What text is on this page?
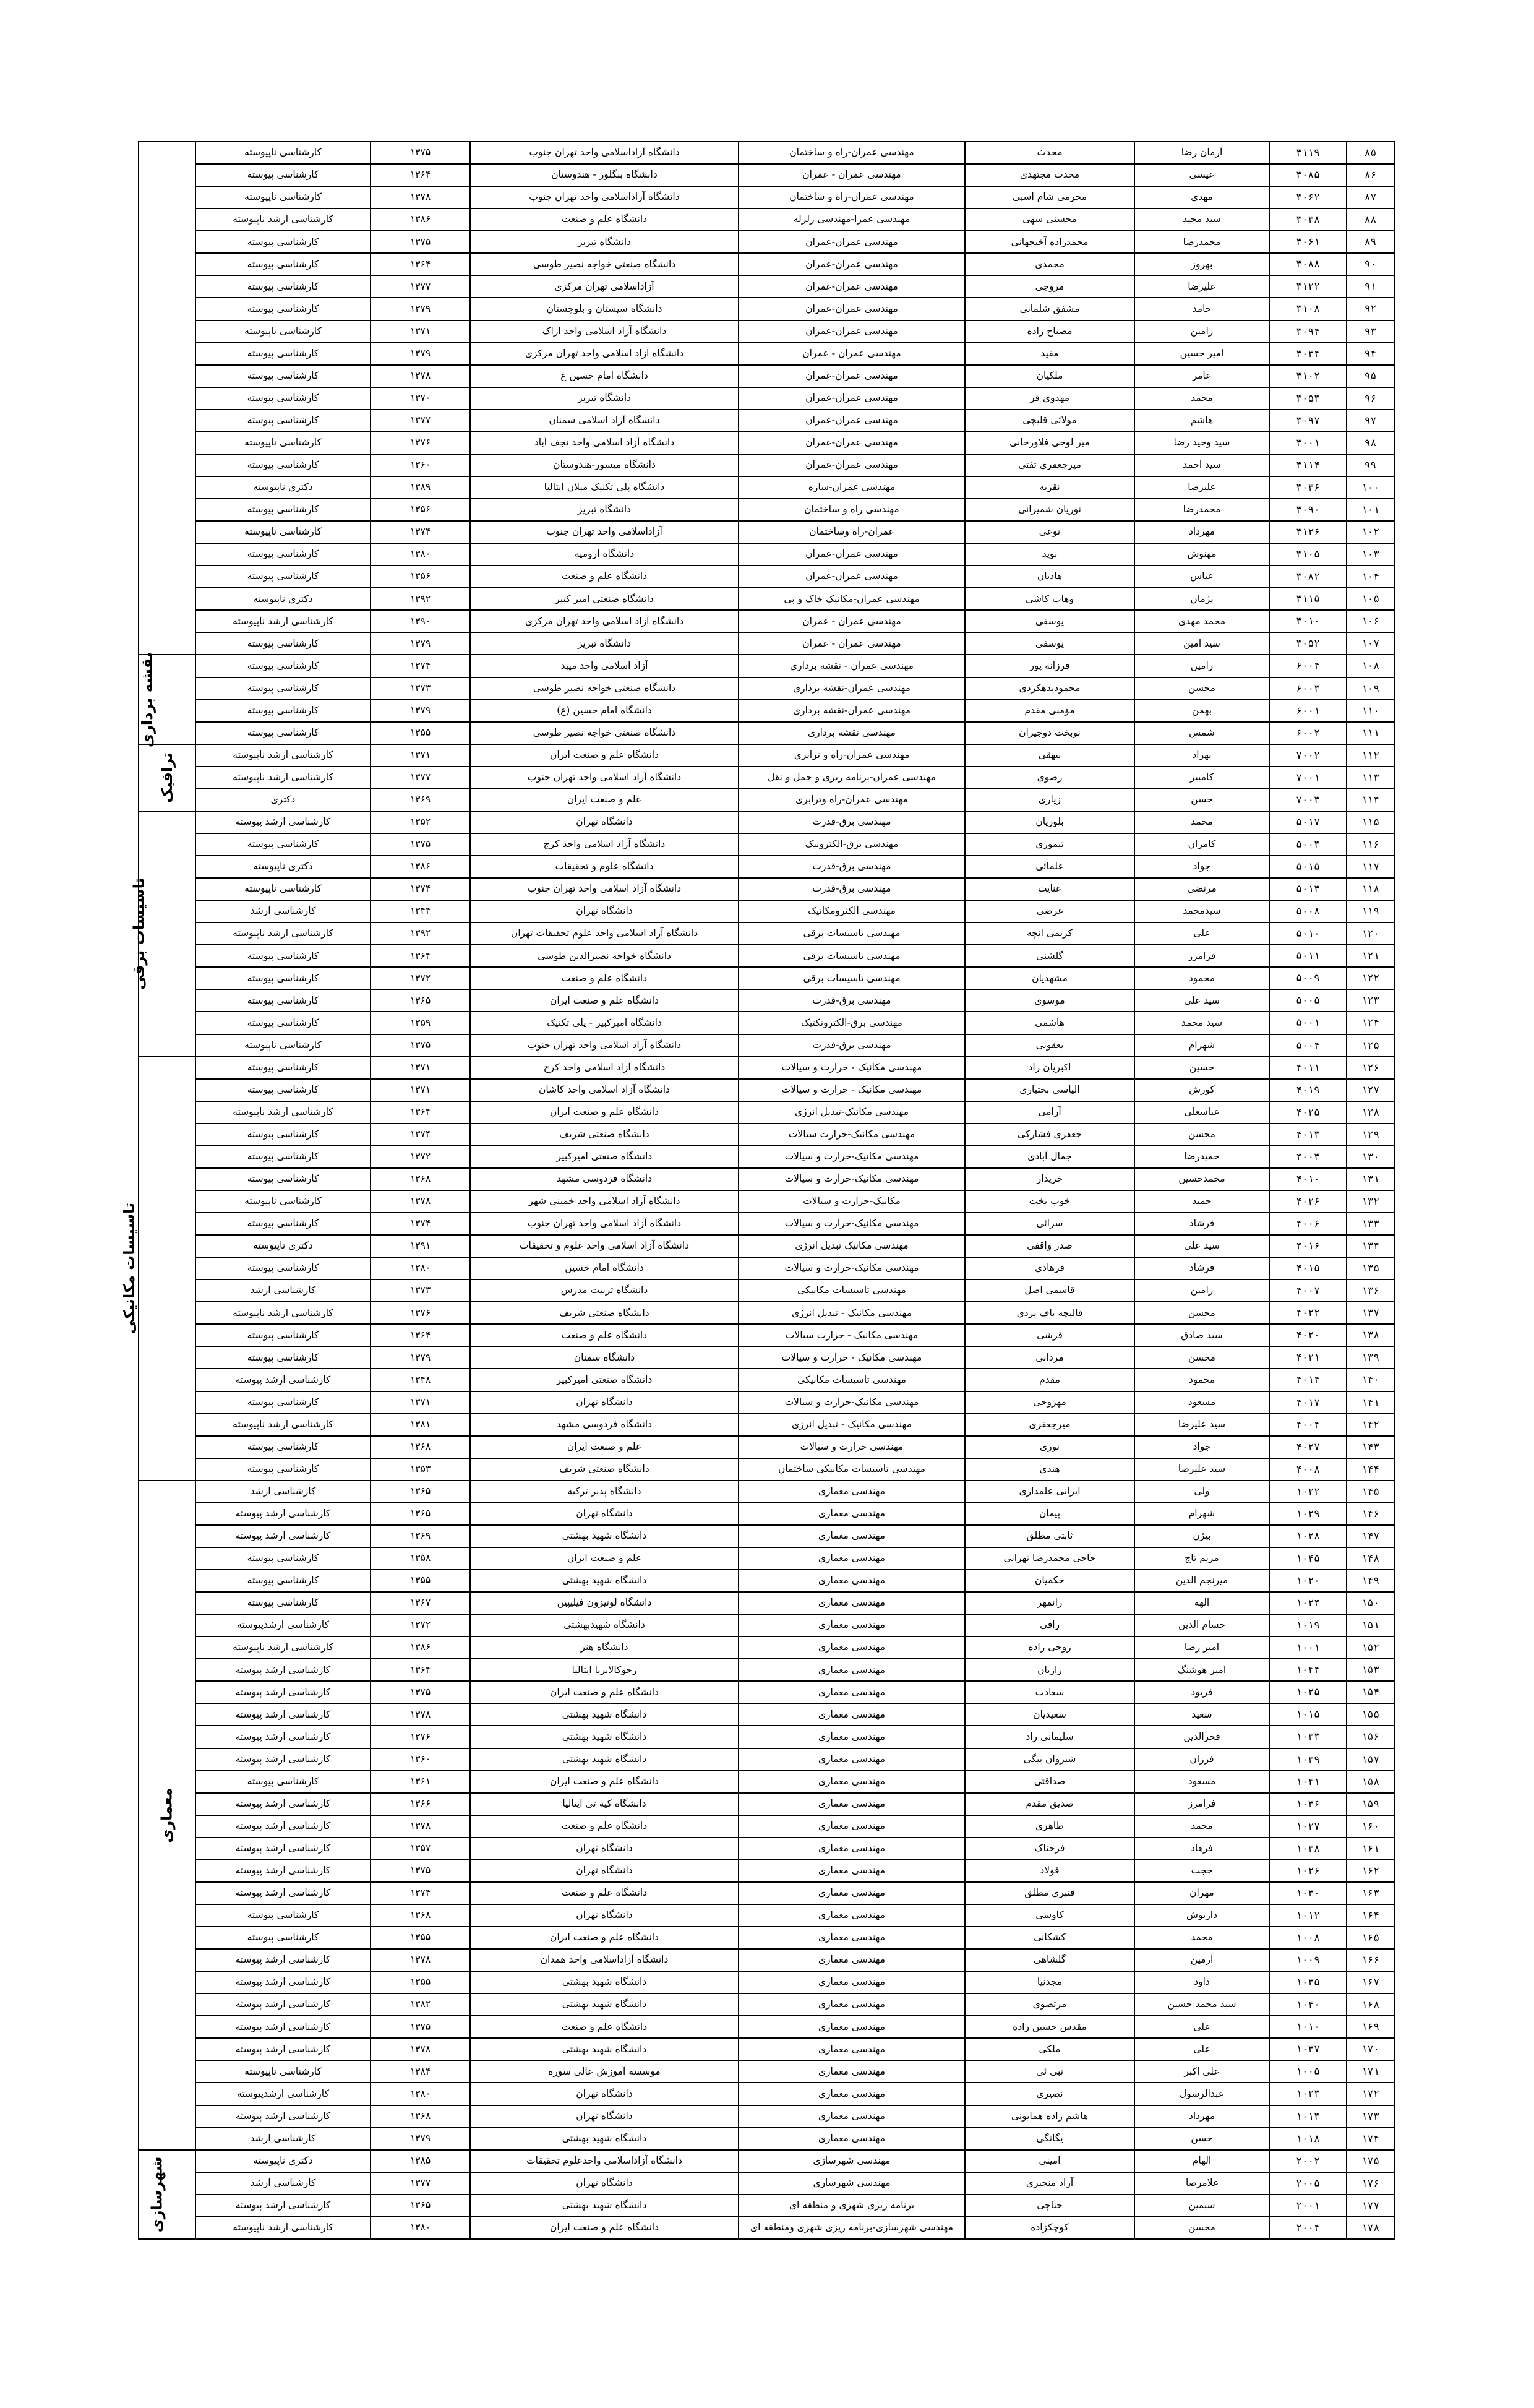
۸۵	۳۱۱۹	آرمان رضا	محدث	مهندسی عمران-راه و ساختمان	دانشگاه آزاداسلامی واحد تهران جنوب	۱۳۷۵	کارشناسی ناپیوسته	
۸۶	۳۰۸۵	عیسی	محدث مجتهدی	مهندسی عمران - عمران	دانشگاه بنگلور - هندوستان	۱۳۶۴	کارشناسی پیوسته	
۸۷	۳۰۶۲	مهدی	محرمی شام اسبی	مهندسی عمران-راه و ساختمان	دانشگاه آزاداسلامی واحد تهران جنوب	۱۳۷۸	کارشناسی ناپیوسته	
۸۸	۳۰۳۸	سید مجید	محسنی سهی	مهندسی عمرا-مهندسی زلزله	دانشگاه علم و صنعت	۱۳۸۶	کارشناسی ارشد ناپیوسته	
۸۹	۳۰۶۱	محمدرضا	محمدزاده آخیجهانی	مهندسی عمران-عمران	دانشگاه تبریز	۱۳۷۵	کارشناسی پیوسته	
۹۰	۳۰۸۸	بهروز	محمدی	مهندسی عمران-عمران	دانشگاه صنعتی خواجه نصیر طوسی	۱۳۶۴	کارشناسی پیوسته	
۹۱	۳۱۲۲	علیرضا	مروجی	مهندسی عمران-عمران	آزاداسلامی تهران مرکزی	۱۳۷۷	کارشناسی پیوسته	
۹۲	۳۱۰۸	حامد	مشفق شلمانی	مهندسی عمران-عمران	دانشگاه سیستان و بلوچستان	۱۳۷۹	کارشناسی پیوسته	
۹۳	۳۰۹۴	رامین	مصباح زاده	مهندسی عمران-عمران	دانشگاه آزاد اسلامی واحد اراک	۱۳۷۱	کارشناسی ناپیوسته	
۹۴	۳۰۳۴	امیر حسین	مفید	مهندسی عمران - عمران	دانشگاه آزاد اسلامی واحد تهران مرکزی	۱۳۷۹	کارشناسی پیوسته	
۹۵	۳۱۰۲	عامر	ملکیان	مهندسی عمران-عمران	دانشگاه امام حسین ع	۱۳۷۸	کارشناسی پیوسته	
۹۶	۳۰۵۳	محمد	مهدوی فر	مهندسی عمران-عمران	دانشگاه تبریز	۱۳۷۰	کارشناسی پیوسته	
۹۷	۳۰۹۷	هاشم	مولائی قلیچی	مهندسی عمران-عمران	دانشگاه آزاد اسلامی سمنان	۱۳۷۷	کارشناسی پیوسته	
۹۸	۳۰۰۱	سید وحید رضا	میر لوحی فلاورجانی	مهندسی عمران-عمران	دانشگاه آزاد اسلامی واحد نجف آباد	۱۳۷۶	کارشناسی ناپیوسته	
۹۹	۳۱۱۴	سید احمد	میرجعفری تفتی	مهندسی عمران-عمران	دانشگاه میسور-هندوستان	۱۳۶۰	کارشناسی پیوسته	
۱۰۰	۳۰۳۶	علیرضا	نقریه	مهندسی عمران-سازه	دانشگاه پلی تکنیک میلان ایتالیا	۱۳۸۹	دکتری ناپیوسته	
۱۰۱	۳۰۹۰	محمدرضا	نوریان شمیرانی	مهندسی راه و ساختمان	دانشگاه تبریز	۱۳۵۶	کارشناسی پیوسته	
۱۰۲	۳۱۲۶	مهرداد	نوعی	عمران-راه وساختمان	آزاداسلامی واحد تهران جنوب	۱۳۷۴	کارشناسی ناپیوسته	
۱۰۳	۳۱۰۵	مهنوش	نوید	مهندسی عمران-عمران	دانشگاه ارومیه	۱۳۸۰	کارشناسی پیوسته	
۱۰۴	۳۰۸۲	عباس	هادیان	مهندسی عمران-عمران	دانشگاه علم و صنعت	۱۳۵۶	کارشناسی پیوسته	
۱۰۵	۳۱۱۵	پژمان	وهاب کاشی	مهندسی عمران-مکانیک خاک و پی	دانشگاه صنعتی امیر کبیر	۱۳۹۲	دکتری ناپیوسته	
۱۰۶	۳۰۱۰	محمد مهدی	یوسفی	مهندسی عمران - عمران	دانشگاه آزاد اسلامی واحد تهران مرکزی	۱۳۹۰	کارشناسی ارشد ناپیوسته	
۱۰۷	۳۰۵۲	سید امین	یوسفی	مهندسی عمران - عمران	دانشگاه تبریز	۱۳۷۹	کارشناسی پیوسته	
۱۰۸	۶۰۰۴	رامین	فرزانه پور	مهندسی عمران - نقشه برداری	آزاد اسلامی واحد میبد	۱۳۷۴	کارشناسی پیوسته	نقشه برداری
۱۰۹	۶۰۰۳	محسن	محمودیدهکردی	مهندسی عمران-نقشه برداری	دانشگاه صنعتی خواجه نصیر طوسی	۱۳۷۳	کارشناسی پیوسته	
۱۱۰	۶۰۰۱	بهمن	مؤمنی مقدم	مهندسی عمران-نقشه برداری	دانشگاه امام حسین (ع)	۱۳۷۹	کارشناسی پیوسته	
۱۱۱	۶۰۰۲	شمس	نوبخت دوجیران	مهندسی نقشه برداری	دانشگاه صنعتی خواجه نصیر طوسی	۱۳۵۵	کارشناسی پیوسته	
۱۱۲	۷۰۰۲	بهزاد	بیهقی	مهندسی عمران-راه و ترابری	دانشگاه علم و صنعت ایران	۱۳۷۱	کارشناسی ارشد ناپیوسته	ترافیک
۱۱۳	۷۰۰۱	کامبیز	رضوی	مهندسی عمران-برنامه ریزی و حمل و نقل	دانشگاه آزاد اسلامی واحد تهران جنوب	۱۳۷۷	کارشناسی ارشد ناپیوسته	
۱۱۴	۷۰۰۳	حسن	زیاری	مهندسی عمران-راه وترابری	علم و صنعت ایران	۱۳۶۹	دکتری	
۱۱۵	۵۰۱۷	محمد	بلوریان	مهندسی برق-قدرت	دانشگاه تهران	۱۳۵۲	کارشناسی ارشد پیوسته	تاسیسات برقی
۱۱۶	۵۰۰۳	کامران	تیموری	مهندسی برق-الکترونیک	دانشگاه آزاد اسلامی واحد کرج	۱۳۷۵	کارشناسی پیوسته	
۱۱۷	۵۰۱۵	جواد	علمائی	مهندسی برق-قدرت	دانشگاه علوم و تحقیقات	۱۳۸۶	دکتری ناپیوسته	
۱۱۸	۵۰۱۳	مرتضی	عنایت	مهندسی برق-قدرت	دانشگاه آزاد اسلامی واحد تهران جنوب	۱۳۷۴	کارشناسی ناپیوسته	
۱۱۹	۵۰۰۸	سیدمحمد	غرضی	مهندسی الکترومکانیک	دانشگاه تهران	۱۳۴۴	کارشناسی ارشد	
۱۲۰	۵۰۱۰	علی	کریمی انچه	مهندسی تاسیسات برقی	دانشگاه آزاد اسلامی واحد علوم تحقیقات تهران	۱۳۹۲	کارشناسی ارشد ناپیوسته	
۱۲۱	۵۰۱۱	فرامرز	گلشنی	مهندسی تاسیسات برقی	دانشگاه خواجه نصیرالدین طوسی	۱۳۶۴	کارشناسی پیوسته	
۱۲۲	۵۰۰۹	محمود	مشهدیان	مهندسی تاسیسات برقی	دانشگاه علم و صنعت	۱۳۷۲	کارشناسی پیوسته	
۱۲۳	۵۰۰۵	سید علی	موسوی	مهندسی برق-قدرت	دانشگاه علم و صنعت ایران	۱۳۶۵	کارشناسی پیوسته	
۱۲۴	۵۰۰۱	سید محمد	هاشمی	مهندسی برق-الکترونکتیک	دانشگاه امیرکبیر - پلی تکنیک	۱۳۵۹	کارشناسی پیوسته	
۱۲۵	۵۰۰۴	شهرام	یعقوبی	مهندسی برق-قدرت	دانشگاه آزاد اسلامی واحد تهران جنوب	۱۳۷۵	کارشناسی ناپیوسته	
۱۲۶	۴۰۱۱	حسین	اکبریان راد	مهندسی مکانیک - حرارت و سیالات	دانشگاه آزاد اسلامی واحد کرج	۱۳۷۱	کارشناسی پیوسته	تاسیسات مکانیکی
۱۲۷	۴۰۱۹	کورش	الیاسی بختیاری	مهندسی مکانیک - حرارت و سیالات	دانشگاه آزاد اسلامی واحد کاشان	۱۳۷۱	کارشناسی پیوسته	
۱۲۸	۴۰۲۵	عباسعلی	آرامی	مهندسی مکانیک-تبدیل انرژی	دانشگاه علم و صنعت ایران	۱۳۶۴	کارشناسی ارشد ناپیوسته	
۱۲۹	۴۰۱۳	محسن	جعفری فشارکی	مهندسی مکانیک-حرارت سیالات	دانشگاه صنعتی شریف	۱۳۷۴	کارشناسی پیوسته	
۱۳۰	۴۰۰۳	حمیدرضا	جمال آبادی	مهندسی مکانیک-حرارت و سیالات	دانشگاه صنعتی امیرکبیر	۱۳۷۲	کارشناسی پیوسته	
۱۳۱	۴۰۱۰	محمدحسین	خریدار	مهندسی مکانیک-حرارت و سیالات	دانشگاه فردوسی مشهد	۱۳۶۸	کارشناسی پیوسته	
۱۳۲	۴۰۲۶	حمید	خوب بخت	مکانیک-حرارت و سیالات	دانشگاه آزاد اسلامی واحد خمینی شهر	۱۳۷۸	کارشناسی ناپیوسته	
۱۳۳	۴۰۰۶	فرشاد	سرائی	مهندسی مکانیک-حرارت و سیالات	دانشگاه آزاد اسلامی واحد تهران جنوب	۱۳۷۴	کارشناسی پیوسته	
۱۳۴	۴۰۱۶	سید علی	صدر واقفی	مهندسی مکانیک تبدیل انرژی	دانشگاه آزاد اسلامی واحد علوم و تحقیقات	۱۳۹۱	دکتری ناپیوسته	
۱۳۵	۴۰۱۵	فرشاد	فرهادی	مهندسی مکانیک-حرارت و سیالات	دانشگاه امام حسین	۱۳۸۰	کارشناسی پیوسته	
۱۳۶	۴۰۰۷	رامین	قاسمی اصل	مهندسی تاسیسات مکانیکی	دانشگاه تربیت مدرس	۱۳۷۳	کارشناسی ارشد	
۱۳۷	۴۰۲۲	محسن	قالیچه باف یزدی	مهندسی مکانیک - تبدیل انرژی	دانشگاه صنعتی شریف	۱۳۷۶	کارشناسی ارشد ناپیوسته	
۱۳۸	۴۰۲۰	سید صادق	قرشی	مهندسی مکانیک - حرارت سیالات	دانشگاه علم و صنعت	۱۳۶۴	کارشناسی پیوسته	
۱۳۹	۴۰۲۱	محسن	مردانی	مهندسی مکانیک - حرارت و سیالات	دانشگاه سمنان	۱۳۷۹	کارشناسی پیوسته	
۱۴۰	۴۰۱۴	محمود	مقدم	مهندسی تاسیسات مکانیکی	دانشگاه صنعتی امیرکبیر	۱۳۴۸	کارشناسی ارشد پیوسته	
۱۴۱	۴۰۱۷	مسعود	مهروحی	مهندسی مکانیک-حرارت و سیالات	دانشگاه تهران	۱۳۷۱	کارشناسی پیوسته	
۱۴۲	۴۰۰۴	سید علیرضا	میرجعفری	مهندسی مکانیک - تبدیل انرژی	دانشگاه فردوسی مشهد	۱۳۸۱	کارشناسی ارشد ناپیوسته	
۱۴۳	۴۰۲۷	جواد	نوری	مهندسی حرارت و سیالات	علم و صنعت ایران	۱۳۶۸	کارشناسی پیوسته	
۱۴۴	۴۰۰۸	سید علیرضا	هندی	مهندسی تاسیسات مکانیکی ساختمان	دانشگاه صنعتی شریف	۱۳۵۳	کارشناسی پیوسته	
۱۴۵	۱۰۲۲	ولی	ایرانی علمداری	مهندسی معماری	دانشگاه پدیز ترکیه	۱۳۶۵	کارشناسی ارشد	معماری
۱۴۶	۱۰۲۹	شهرام	پیمان	مهندسی معماری	دانشگاه تهران	۱۳۶۵	کارشناسی ارشد پیوسته	
۱۴۷	۱۰۲۸	بیژن	ثابتی مطلق	مهندسی معماری	دانشگاه شهید بهشتی	۱۳۶۹	کارشناسی ارشد پیوسته	
۱۴۸	۱۰۴۵	مریم تاج	حاجی محمدرضا تهرانی	مهندسی معماری	علم و صنعت ایران	۱۳۵۸	کارشناسی پیوسته	
۱۴۹	۱۰۲۰	میرنجم الدین	حکمیان	مهندسی معماری	دانشگاه شهید بهشتی	۱۳۵۵	کارشناسی پیوسته	
۱۵۰	۱۰۲۴	الهه	رانمهر	مهندسی معماری	دانشگاه لوتیزون فیلیپین	۱۳۶۷	کارشناسی پیوسته	
۱۵۱	۱۰۱۹	حسام الدین	راقی	مهندسی معماری	دانشگاه شهیدبهشتی	۱۳۷۲	کارشناسی ارشدپیوسته	
۱۵۲	۱۰۰۱	امیر رضا	روحی زاده	مهندسی معماری	دانشگاه هنر	۱۳۸۶	کارشناسی ارشد ناپیوسته	
۱۵۳	۱۰۴۴	امیر هوشنگ	زاریان	مهندسی معماری	رجوکالابریا ایتالیا	۱۳۶۴	کارشناسی ارشد پیوسته	
۱۵۴	۱۰۲۵	فربود	سعادت	مهندسی معماری	دانشگاه علم و صنعت ایران	۱۳۷۵	کارشناسی ارشد پیوسته	
۱۵۵	۱۰۱۵	سعید	سعیدیان	مهندسی معماری	دانشگاه شهید بهشتی	۱۳۷۸	کارشناسی ارشد پیوسته	
۱۵۶	۱۰۳۳	فخرالدین	سلیمانی راد	مهندسی معماری	دانشگاه شهید بهشتی	۱۳۷۶	کارشناسی ارشد پیوسته	
۱۵۷	۱۰۳۹	فرزان	شیروان بیگی	مهندسی معماری	دانشگاه شهید بهشتی	۱۳۶۰	کارشناسی ارشد پیوسته	
۱۵۸	۱۰۴۱	مسعود	صداقتی	مهندسی معماری	دانشگاه علم و صنعت ایران	۱۳۶۱	کارشناسی پیوسته	
۱۵۹	۱۰۳۶	فرامرز	صدیق مقدم	مهندسی معماری	دانشگاه کیه تی ایتالیا	۱۳۶۶	کارشناسی ارشد پیوسته	
۱۶۰	۱۰۲۷	محمد	طاهری	مهندسی معماری	دانشگاه علم و صنعت	۱۳۷۸	کارشناسی ارشد پیوسته	
۱۶۱	۱۰۳۸	فرهاد	فرحناک	مهندسی معماری	دانشگاه تهران	۱۳۵۷	کارشناسی ارشد پیوسته	
۱۶۲	۱۰۲۶	حجت	فولاد	مهندسی معماری	دانشگاه تهران	۱۳۷۵	کارشناسی ارشد پیوسته	
۱۶۳	۱۰۳۰	مهران	قنبری مطلق	مهندسی معماری	دانشگاه علم و صنعت	۱۳۷۴	کارشناسی ارشد پیوسته	
۱۶۴	۱۰۱۲	داریوش	کاوسی	مهندسی معماری	دانشگاه تهران	۱۳۶۸	کارشناسی پیوسته	
۱۶۵	۱۰۰۸	محمد	کشکانی	مهندسی معماری	دانشگاه علم و صنعت ایران	۱۳۵۵	کارشناسی پیوسته	
۱۶۶	۱۰۰۹	آرمین	گلشاهی	مهندسی معماری	دانشگاه آزاداسلامی واحد همدان	۱۳۷۸	کارشناسی ارشد پیوسته	
۱۶۷	۱۰۳۵	داود	مجدنیا	مهندسی معماری	دانشگاه شهید بهشتی	۱۳۵۵	کارشناسی ارشد پیوسته	
۱۶۸	۱۰۴۰	سید محمد حسین	مرتضوی	مهندسی معماری	دانشگاه شهید بهشتی	۱۳۸۲	کارشناسی ارشد پیوسته	
۱۶۹	۱۰۱۰	علی	مقدس حسین زاده	مهندسی معماری	دانشگاه علم و صنعت	۱۳۷۵	کارشناسی ارشد پیوسته	
۱۷۰	۱۰۳۷	علی	ملکی	مهندسی معماری	دانشگاه شهید بهشتی	۱۳۷۸	کارشناسی ارشد پیوسته	
۱۷۱	۱۰۰۵	علی اکبر	نبی ئی	مهندسی معماری	موسسه آموزش عالی سوره	۱۳۸۴	کارشناسی ناپیوسته	
۱۷۲	۱۰۲۳	عبدالرسول	نصیری	مهندسی معماری	دانشگاه تهران	۱۳۸۰	کارشناسی ارشدپیوسته	
۱۷۳	۱۰۱۳	مهرداد	هاشم زاده همایونی	مهندسی معماری	دانشگاه تهران	۱۳۶۸	کارشناسی ارشد پیوسته	
۱۷۴	۱۰۱۸	حسن	یگانگی	مهندسی معماری	دانشگاه شهید بهشتی	۱۳۷۹	کارشناسی ارشد	
۱۷۵	۲۰۰۲	الهام	امینی	مهندسی شهرسازی	دانشگاه آزاداسلامی واحدعلوم تحقیقات	۱۳۸۵	دکتری ناپیوسته	شهرسازی
۱۷۶	۲۰۰۵	غلامرضا	آزاد منجیری	مهندسی شهرسازی	دانشگاه تهران	۱۳۷۷	کارشناسی ارشد	
۱۷۷	۲۰۰۱	سیمین	حناچی	برنامه ریزی شهری و منطقه ای	دانشگاه شهید بهشتی	۱۳۶۵	کارشناسی ارشد پیوسته	
۱۷۸	۲۰۰۴	محسن	کوچکزاده	مهندسی شهرسازی-برنامه ریزی شهری ومنطقه ای	دانشگاه علم و صنعت ایران	۱۳۸۰	کارشناسی ارشد ناپیوسته	
